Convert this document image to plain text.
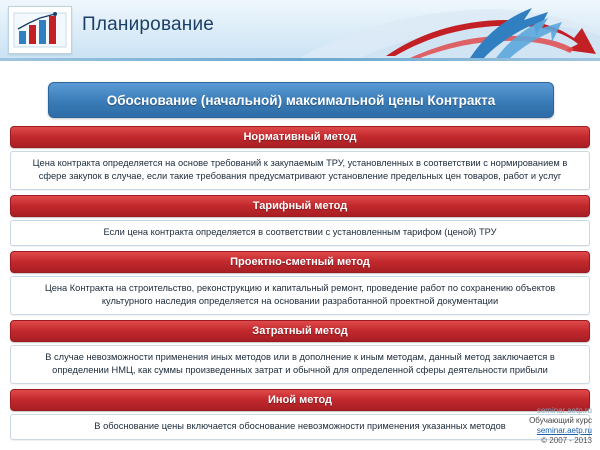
Планирование
Обоснование (начальной) максимальной цены Контракта
Нормативный метод

Цена контракта определяется на основе требований к закупаемым ТРУ, установленных в соответствии с нормированием в сфере закупок в случае, если такие требования предусматривают установление предельных цен товаров, работ и услуг

Тарифный метод

Если цена контракта определяется в соответствии с установленным тарифом (ценой) ТРУ

Проектно-сметный метод

Цена Контракта на строительство, реконструкцию и капитальный ремонт, проведение работ по сохранению объектов культурного наследия определяется на основании разработанной проектной документации

Затратный метод

В случае невозможности применения иных методов или в дополнение к иным методам, данный метод заключается в определении НМЦ, как суммы произведенных затрат и обычной для определенной сферы деятельности прибыли

Иной метод

В обоснование цены включается обоснование невозможности применения указанных методов

seminar.aetp.ru
Обучающий курс
seminar.aetp.ru
© 2007 - 2013
